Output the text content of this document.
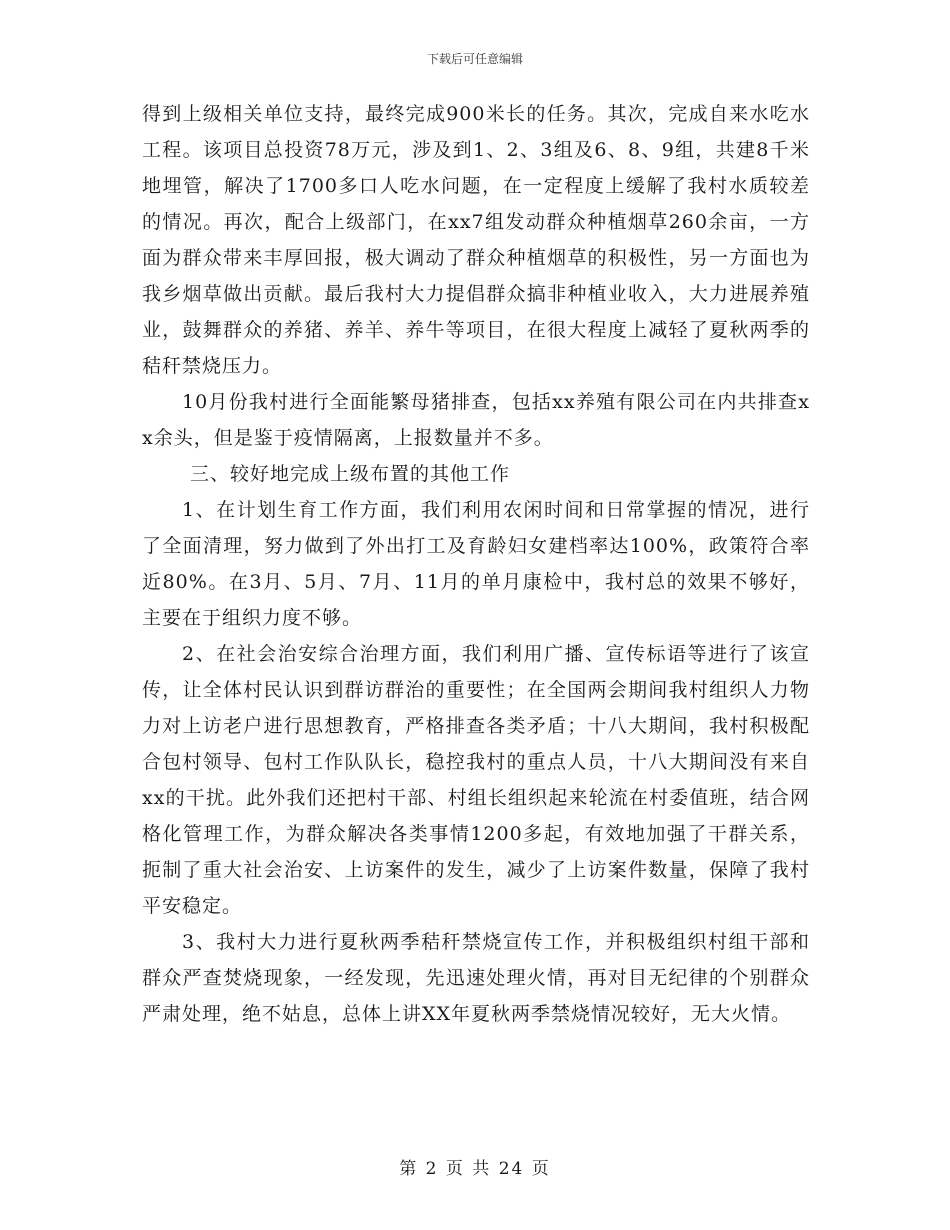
下载后可任意编辑

得到上级相关单位支持，最终完成900米长的任务。其次，完成自来水吃水工程。该项目总投资78万元，涉及到1、2、3组及6、8、9组，共建8千米地埋管，解决了1700多口人吃水问题，在一定程度上缓解了我村水质较差的情况。再次，配合上级部门，在xx7组发动群众种植烟草260余亩，一方面为群众带来丰厚回报，极大调动了群众种植烟草的积极性，另一方面也为我乡烟草做出贡献。最后我村大力提倡群众搞非种植业收入，大力进展养殖业，鼓舞群众的养猪、养羊、养牛等项目，在很大程度上减轻了夏秋两季的秸秆禁烧压力。

10月份我村进行全面能繁母猪排查，包括xx养殖有限公司在内共排查xx余头，但是鉴于疫情隔离，上报数量并不多。

三、较好地完成上级布置的其他工作

1、在计划生育工作方面，我们利用农闲时间和日常掌握的情况，进行了全面清理，努力做到了外出打工及育龄妇女建档率达100%，政策符合率近80%。在3月、5月、7月、11月的单月康检中，我村总的效果不够好，主要在于组织力度不够。

2、在社会治安综合治理方面，我们利用广播、宣传标语等进行了该宣传，让全体村民认识到群访群治的重要性；在全国两会期间我村组织人力物力对上访老户进行思想教育，严格排查各类矛盾；十八大期间，我村积极配合包村领导、包村工作队队长，稳控我村的重点人员，十八大期间没有来自xx的干扰。此外我们还把村干部、村组长组织起来轮流在村委值班，结合网格化管理工作，为群众解决各类事情1200多起，有效地加强了干群关系，扼制了重大社会治安、上访案件的发生，减少了上访案件数量，保障了我村平安稳定。

3、我村大力进行夏秋两季秸秆禁烧宣传工作，并积极组织村组干部和群众严查焚烧现象，一经发现，先迅速处理火情，再对目无纪律的个别群众严肃处理，绝不姑息，总体上讲XX年夏秋两季禁烧情况较好，无大火情。

第 2 页 共 24 页
